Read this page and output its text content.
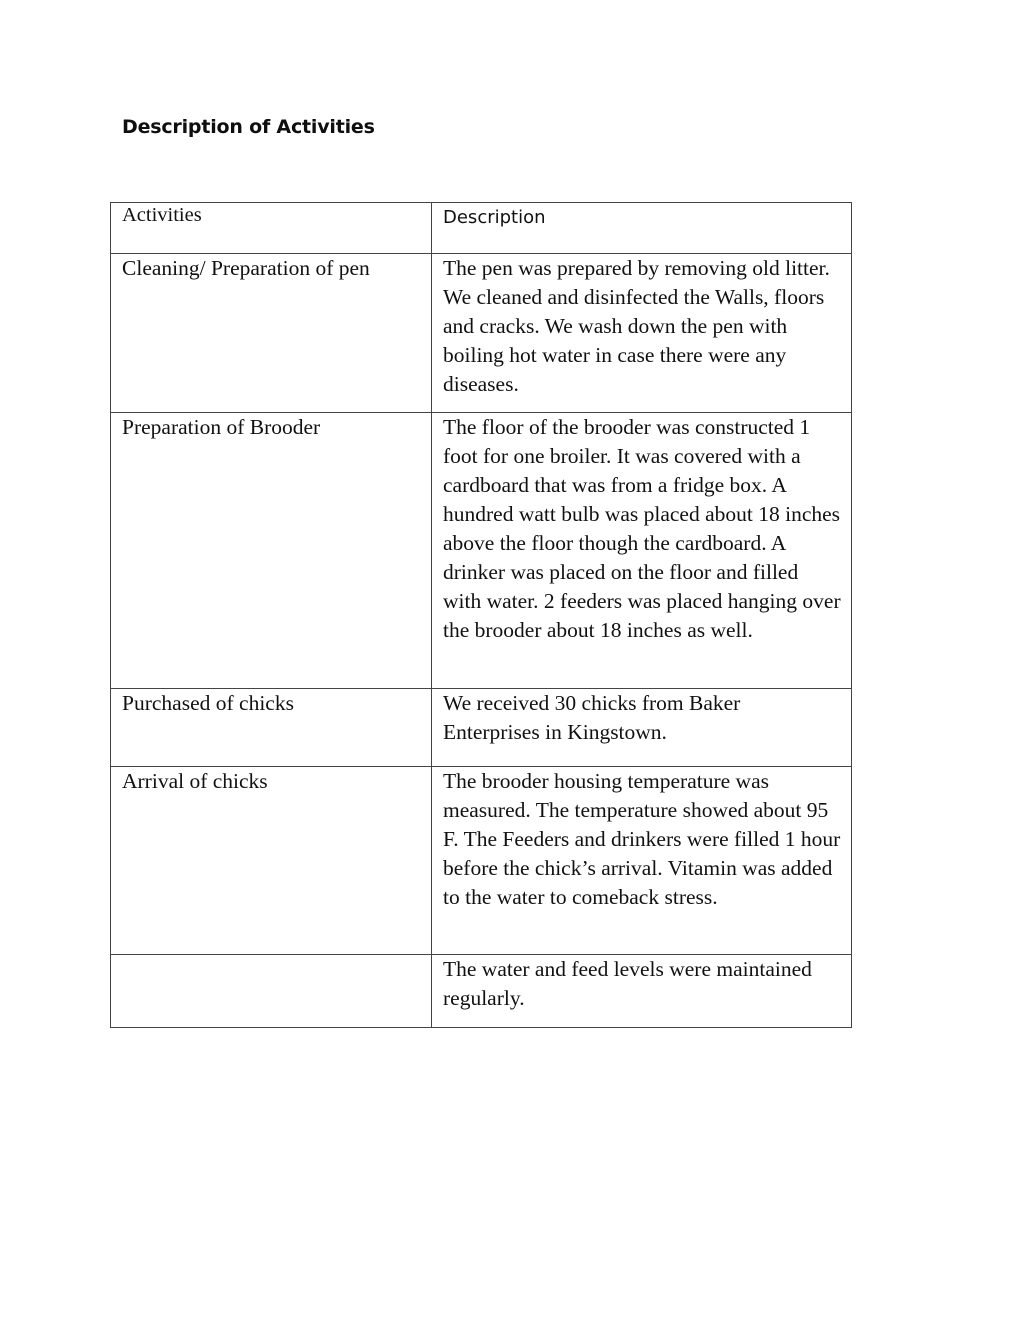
Description of Activities
Activities	Description

Cleaning/ Preparation of pen	The pen was prepared by removing old litter. We cleaned and disinfected the Walls, floors and cracks. We wash down the pen with boiling hot water in case there were any diseases.

Preparation of Brooder	The floor of the brooder was constructed 1 foot for one broiler. It was covered with a cardboard that was from a fridge box. A hundred watt bulb was placed about 18 inches above the floor though the cardboard. A drinker was placed on the floor and filled with water. 2 feeders was placed hanging over the brooder about 18 inches as well.

Purchased of chicks	We received 30 chicks from Baker Enterprises in Kingstown.

Arrival of chicks	The brooder housing temperature was measured. The temperature showed about 95 F. The Feeders and drinkers were filled 1 hour before the chick’s arrival. Vitamin was added to the water to comeback stress.

	The water and feed levels were maintained regularly.
